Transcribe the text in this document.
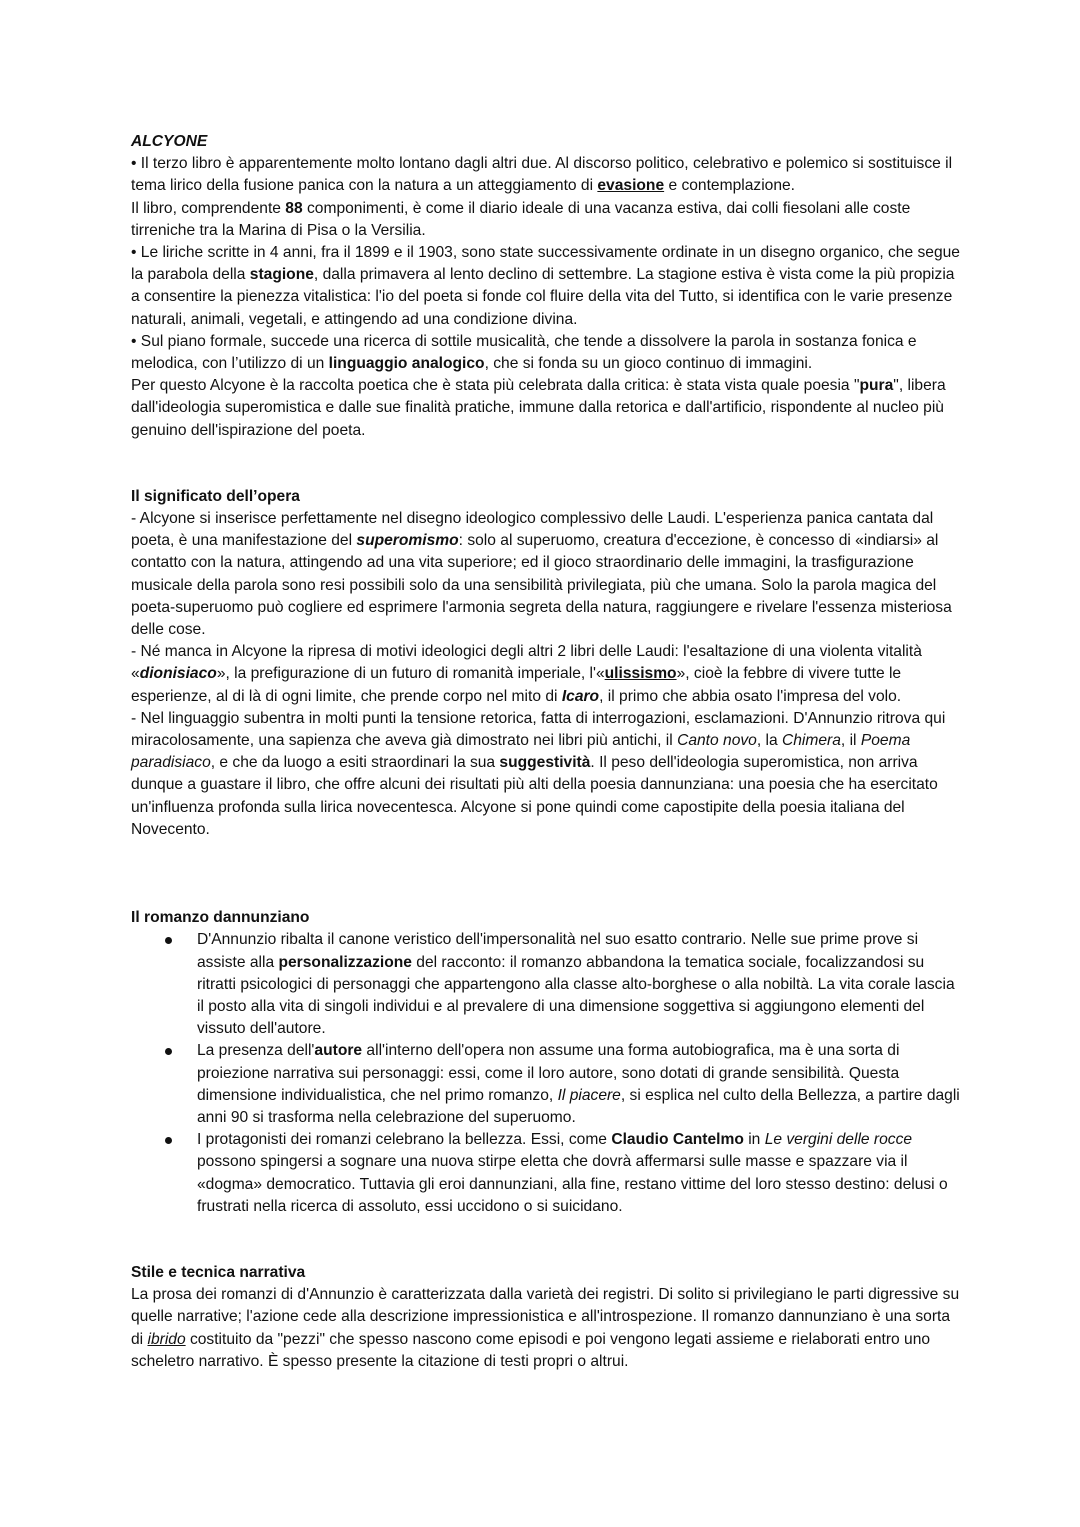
ALCYONE

• Il terzo libro è apparentemente molto lontano dagli altri due. Al discorso politico, celebrativo e polemico si sostituisce il tema lirico della fusione panica con la natura a un atteggiamento di evasione e contemplazione.

Il libro, comprendente 88 componimenti, è come il diario ideale di una vacanza estiva, dai colli fiesolani alle coste tirreniche tra la Marina di Pisa o la Versilia.

• Le liriche scritte in 4 anni, fra il 1899 e il 1903, sono state successivamente ordinate in un disegno organico, che segue la parabola della stagione, dalla primavera al lento declino di settembre. La stagione estiva è vista come la più propizia a consentire la pienezza vitalistica: l'io del poeta si fonde col fluire della vita del Tutto, si identifica con le varie presenze naturali, animali, vegetali, e attingendo ad una condizione divina.

• Sul piano formale, succede una ricerca di sottile musicalità, che tende a dissolvere la parola in sostanza fonica e melodica, con l’utilizzo di un linguaggio analogico, che si fonda su un gioco continuo di immagini.

Per questo Alcyone è la raccolta poetica che è stata più celebrata dalla critica: è stata vista quale poesia "pura", libera dall'ideologia superomistica e dalle sue finalità pratiche, immune dalla retorica e dall'artificio, rispondente al nucleo più genuino dell'ispirazione del poeta.

Il significato dell’opera

- Alcyone si inserisce perfettamente nel disegno ideologico complessivo delle Laudi. L'esperienza panica cantata dal poeta, è una manifestazione del superomismo: solo al superuomo, creatura d'eccezione, è concesso di «indiarsi» al contatto con la natura, attingendo ad una vita superiore; ed il gioco straordinario delle immagini, la trasfigurazione musicale della parola sono resi possibili solo da una sensibilità privilegiata, più che umana. Solo la parola magica del poeta-superuomo può cogliere ed esprimere l'armonia segreta della natura, raggiungere e rivelare l'essenza misteriosa delle cose.

- Né manca in Alcyone la ripresa di motivi ideologici degli altri 2 libri delle Laudi: l'esaltazione di una violenta vitalità «dionisiaco», la prefigurazione di un futuro di romanità imperiale, l'«ulissismo», cioè la febbre di vivere tutte le esperienze, al di là di ogni limite, che prende corpo nel mito di Icaro, il primo che abbia osato l'impresa del volo.

- Nel linguaggio subentra in molti punti la tensione retorica, fatta di interrogazioni, esclamazioni. D'Annunzio ritrova qui miracolosamente, una sapienza che aveva già dimostrato nei libri più antichi, il Canto novo, la Chimera, il Poema paradisiaco, e che da luogo a esiti straordinari la sua suggestività. Il peso dell'ideologia superomistica, non arriva dunque a guastare il libro, che offre alcuni dei risultati più alti della poesia dannunziana: una poesia che ha esercitato un'influenza profonda sulla lirica novecentesca. Alcyone si pone quindi come capostipite della poesia italiana del Novecento.

Il romanzo dannunziano

D'Annunzio ribalta il canone veristico dell'impersonalità nel suo esatto contrario. Nelle sue prime prove si assiste alla personalizzazione del racconto: il romanzo abbandona la tematica sociale, focalizzandosi su ritratti psicologici di personaggi che appartengono alla classe alto-borghese o alla nobiltà. La vita corale lascia il posto alla vita di singoli individui e al prevalere di una dimensione soggettiva si aggiungono elementi del vissuto dell'autore.
La presenza dell'autore all'interno dell'opera non assume una forma autobiografica, ma è una sorta di proiezione narrativa sui personaggi: essi, come il loro autore, sono dotati di grande sensibilità. Questa dimensione individualistica, che nel primo romanzo, Il piacere, si esplica nel culto della Bellezza, a partire dagli anni 90 si trasforma nella celebrazione del superuomo.
I protagonisti dei romanzi celebrano la bellezza. Essi, come Claudio Cantelmo in Le vergini delle rocce possono spingersi a sognare una nuova stirpe eletta che dovrà affermarsi sulle masse e spazzare via il «dogma» democratico. Tuttavia gli eroi dannunziani, alla fine, restano vittime del loro stesso destino: delusi o frustrati nella ricerca di assoluto, essi uccidono o si suicidano.

Stile e tecnica narrativa

La prosa dei romanzi di d'Annunzio è caratterizzata dalla varietà dei registri. Di solito si privilegiano le parti digressive su quelle narrative; l'azione cede alla descrizione impressionistica e all'introspezione. Il romanzo dannunziano è una sorta di ibrido costituito da "pezzi" che spesso nascono come episodi e poi vengono legati assieme e rielaborati entro uno scheletro narrativo. È spesso presente la citazione di testi propri o altrui.
